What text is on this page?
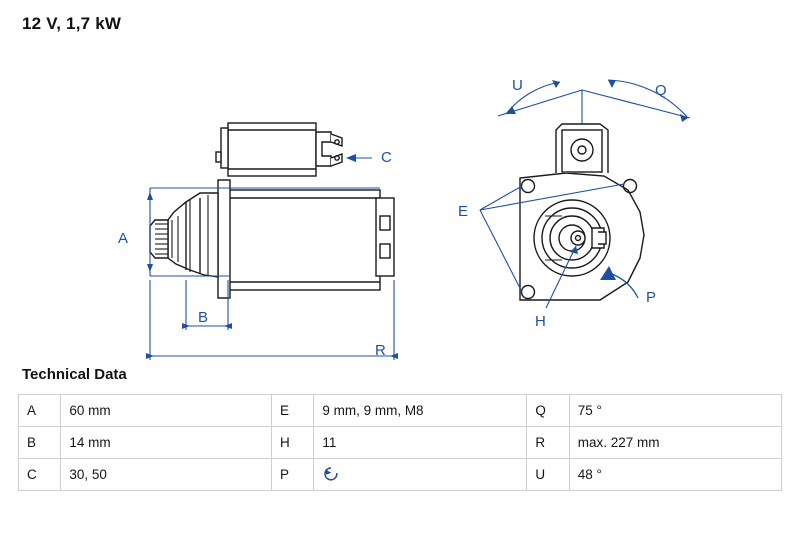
12 V, 1,7 kW
A
B
R
C
E
H
P
Q
U
Technical Data
A	60 mm	E	9 mm, 9 mm, M8	Q	75 °
B	14 mm	H	11	R	max. 227 mm
C	30, 50	P		U	48 °
